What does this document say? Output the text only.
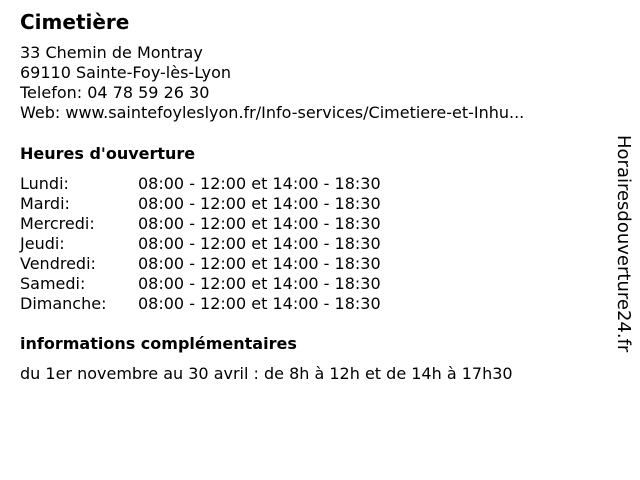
Cimetière
33 Chemin de Montray
69110 Sainte-Foy-lès-Lyon
Telefon: 04 78 59 26 30
Web: www.saintefoyleslyon.fr/Info-services/Cimetiere-et-Inhu...
Heures d'ouverture
Lundi:	08:00 - 12:00 et 14:00 - 18:30
Mardi:	08:00 - 12:00 et 14:00 - 18:30
Mercredi:	08:00 - 12:00 et 14:00 - 18:30
Jeudi:	08:00 - 12:00 et 14:00 - 18:30
Vendredi:	08:00 - 12:00 et 14:00 - 18:30
Samedi:	08:00 - 12:00 et 14:00 - 18:30
Dimanche: 08:00 - 12:00 et 14:00 - 18:30
informations complémentaires
du 1er novembre au 30 avril : de 8h à 12h et de 14h à 17h30
Horairesdouverture24.fr
